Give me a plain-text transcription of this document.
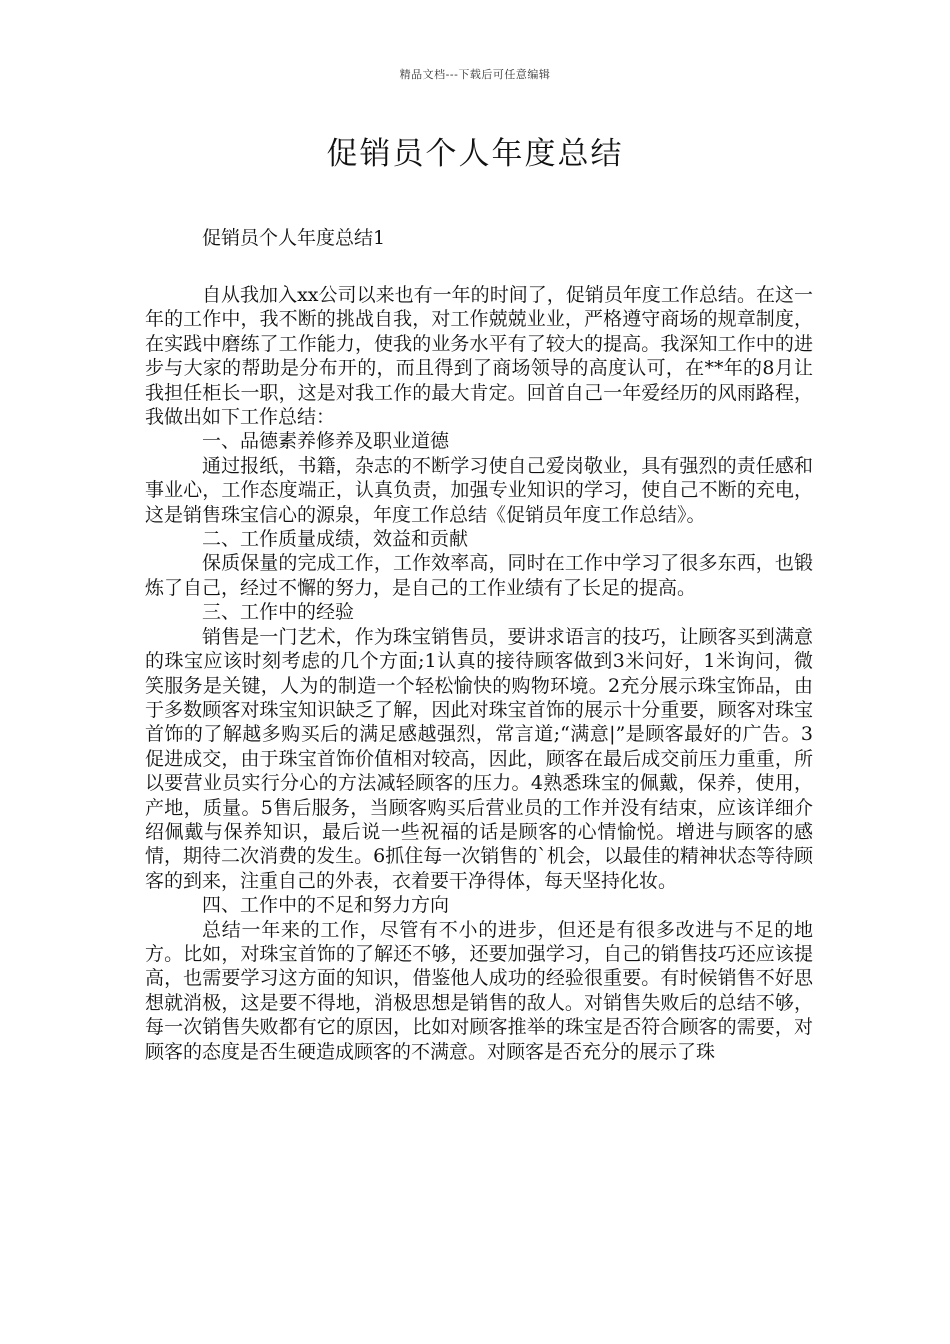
精品文档---下载后可任意编辑
促销员个人年度总结

促销员个人年度总结1

自从我加入xx公司以来也有一年的时间了，促销员年度工作总结。在这一年的工作中，我不断的挑战自我，对工作兢兢业业，严格遵守商场的规章制度，在实践中磨练了工作能力，使我的业务水平有了较大的提高。我深知工作中的进步与大家的帮助是分布开的，而且得到了商场领导的高度认可，在**年的8月让我担任柜长一职，这是对我工作的最大肯定。回首自己一年爱经历的风雨路程，我做出如下工作总结：

一、品德素养修养及职业道德

通过报纸，书籍，杂志的不断学习使自己爱岗敬业，具有强烈的责任感和事业心，工作态度端正，认真负责，加强专业知识的学习，使自己不断的充电，这是销售珠宝信心的源泉，年度工作总结《促销员年度工作总结》。

二、工作质量成绩，效益和贡献

保质保量的完成工作，工作效率高，同时在工作中学习了很多东西，也锻炼了自己，经过不懈的努力，是自己的工作业绩有了长足的提高。

三、工作中的经验

销售是一门艺术，作为珠宝销售员，要讲求语言的技巧，让顾客买到满意的珠宝应该时刻考虑的几个方面;1认真的接待顾客做到3米问好，1米询问，微笑服务是关键，人为的制造一个轻松愉快的购物环境。2充分展示珠宝饰品，由于多数顾客对珠宝知识缺乏了解，因此对珠宝首饰的展示十分重要，顾客对珠宝首饰的了解越多购买后的满足感越强烈，常言道;“满意|”是顾客最好的广告。3促进成交，由于珠宝首饰价值相对较高，因此，顾客在最后成交前压力重重，所以要营业员实行分心的方法减轻顾客的压力。4熟悉珠宝的佩戴，保养，使用，产地，质量。5售后服务，当顾客购买后营业员的工作并没有结束，应该详细介绍佩戴与保养知识，最后说一些祝福的话是顾客的心情愉悦。增进与顾客的感情，期待二次消费的发生。6抓住每一次销售的`机会，以最佳的精神状态等待顾客的到来，注重自己的外表，衣着要干净得体，每天坚持化妆。

四、工作中的不足和努力方向

总结一年来的工作，尽管有不小的进步，但还是有很多改进与不足的地方。比如，对珠宝首饰的了解还不够，还要加强学习，自己的销售技巧还应该提高，也需要学习这方面的知识，借鉴他人成功的经验很重要。有时候销售不好思想就消极，这是要不得地，消极思想是销售的敌人。对销售失败后的总结不够，每一次销售失败都有它的原因，比如对顾客推举的珠宝是否符合顾客的需要，对顾客的态度是否生硬造成顾客的不满意。对顾客是否充分的展示了珠
